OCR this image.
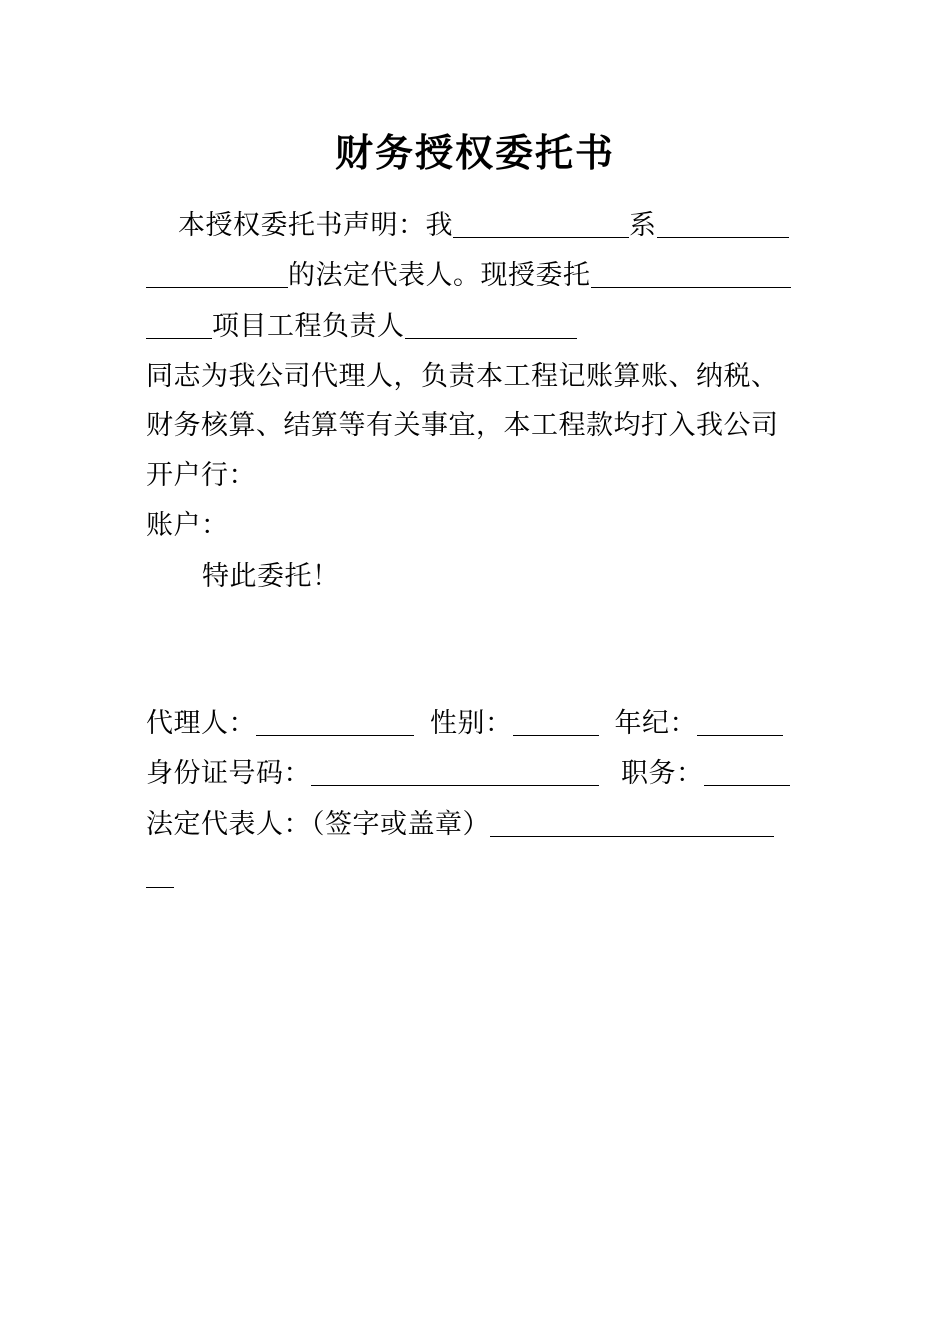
财务授权委托书
本授权委托书声明：我	系
的法定代表人。现授委托
项目工程负责人
同志为我公司代理人，负责本工程记账算账、纳税、
财务核算、结算等有关事宜，本工程款均打入我公司
开户行：
账户：
特此委托！
代理人：	性别：	年纪：
身份证号码：	职务：
法定代表人：（签字或盖章）
